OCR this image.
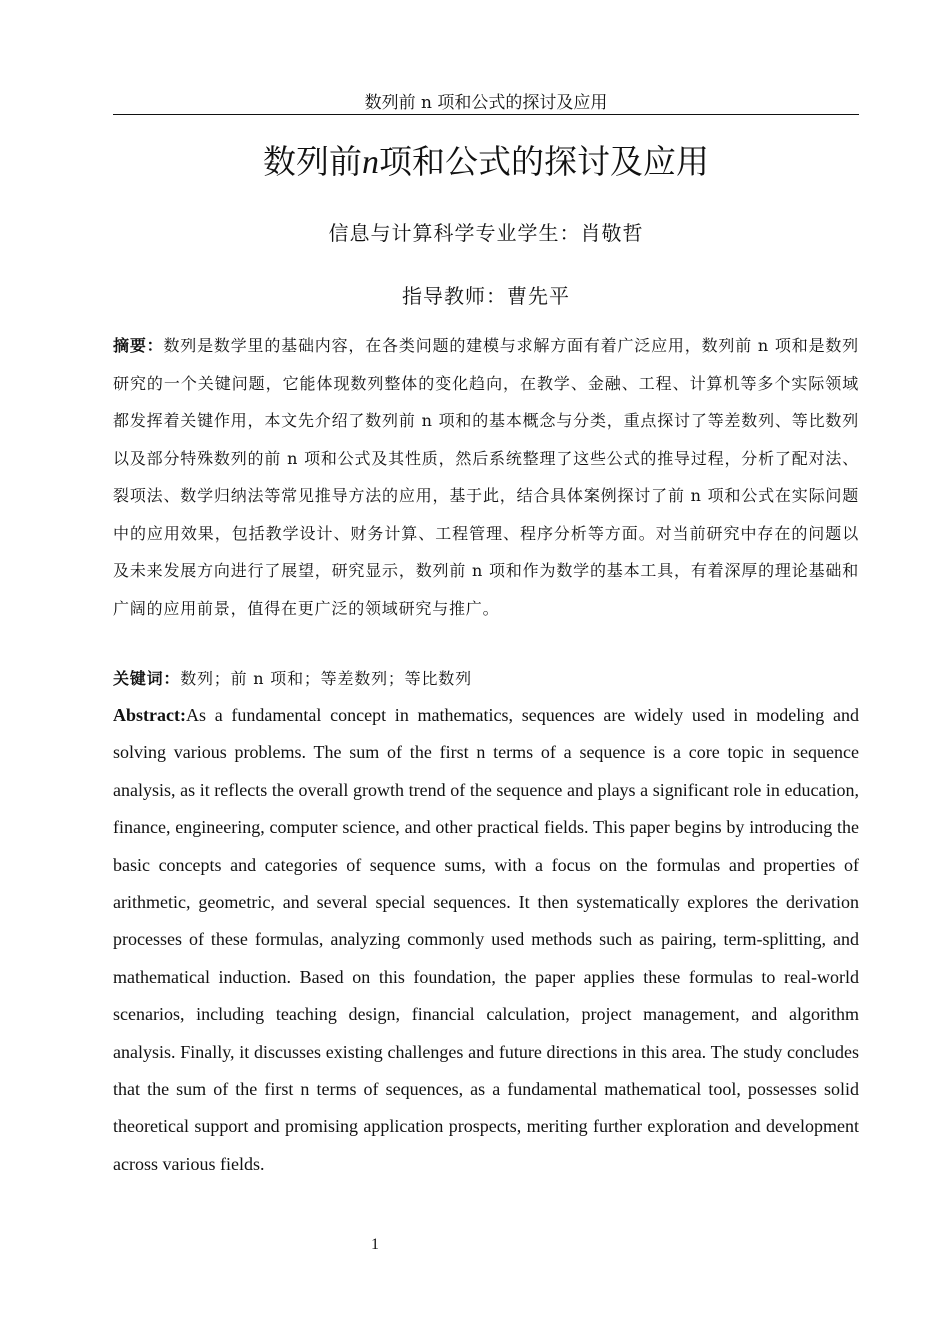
数列前 n 项和公式的探讨及应用
数列前n项和公式的探讨及应用
信息与计算科学专业学生：肖敬哲
指导教师：曹先平
摘要：数列是数学里的基础内容，在各类问题的建模与求解方面有着广泛应用，数列前 n 项和是数列研究的一个关键问题，它能体现数列整体的变化趋向，在教学、金融、工程、计算机等多个实际领域都发挥着关键作用，本文先介绍了数列前 n 项和的基本概念与分类，重点探讨了等差数列、等比数列以及部分特殊数列的前 n 项和公式及其性质，然后系统整理了这些公式的推导过程，分析了配对法、裂项法、数学归纳法等常见推导方法的应用，基于此，结合具体案例探讨了前 n 项和公式在实际问题中的应用效果，包括教学设计、财务计算、工程管理、程序分析等方面。对当前研究中存在的问题以及未来发展方向进行了展望，研究显示，数列前 n 项和作为数学的基本工具，有着深厚的理论基础和广阔的应用前景，值得在更广泛的领域研究与推广。
关键词：数列；前 n 项和；等差数列；等比数列
Abstract:As a fundamental concept in mathematics, sequences are widely used in modeling and solving various problems. The sum of the first n terms of a sequence is a core topic in sequence analysis, as it reflects the overall growth trend of the sequence and plays a significant role in education, finance, engineering, computer science, and other practical fields. This paper begins by introducing the basic concepts and categories of sequence sums, with a focus on the formulas and properties of arithmetic, geometric, and several special sequences. It then systematically explores the derivation processes of these formulas, analyzing commonly used methods such as pairing, term-splitting, and mathematical induction. Based on this foundation, the paper applies these formulas to real-world scenarios, including teaching design, financial calculation, project management, and algorithm analysis. Finally, it discusses existing challenges and future directions in this area. The study concludes that the sum of the first n terms of sequences, as a fundamental mathematical tool, possesses solid theoretical support and promising application prospects, meriting further exploration and development across various fields.
1
